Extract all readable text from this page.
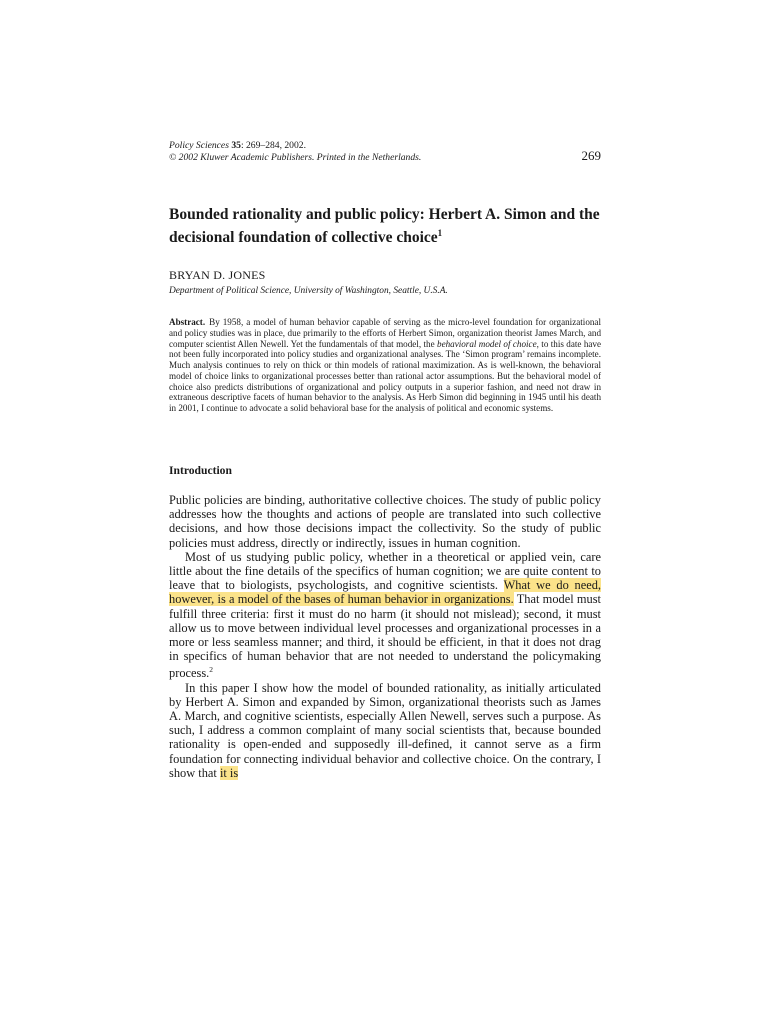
Policy Sciences 35: 269–284, 2002.
© 2002 Kluwer Academic Publishers. Printed in the Netherlands.	269
Bounded rationality and public policy: Herbert A. Simon and the decisional foundation of collective choice$^1$
BRYAN D. JONES
Department of Political Science, University of Washington, Seattle, U.S.A.
Abstract. By 1958, a model of human behavior capable of serving as the micro-level foundation for organizational and policy studies was in place, due primarily to the efforts of Herbert Simon, organization theorist James March, and computer scientist Allen Newell. Yet the fundamentals of that model, the behavioral model of choice, to this date have not been fully incorporated into policy studies and organizational analyses. The ‘Simon program’ remains incomplete. Much analysis continues to rely on thick or thin models of rational maximization. As is well-known, the behavioral model of choice links to organizational processes better than rational actor assumptions. But the behavioral model of choice also predicts distributions of organizational and policy outputs in a superior fashion, and need not draw in extraneous descriptive facets of human behavior to the analysis. As Herb Simon did beginning in 1945 until his death in 2001, I continue to advocate a solid behavioral base for the analysis of political and economic systems.
Introduction

Public policies are binding, authoritative collective choices. The study of public policy addresses how the thoughts and actions of people are translated into such collective decisions, and how those decisions impact the collectivity. So the study of public policies must address, directly or indirectly, issues in human cognition.

Most of us studying public policy, whether in a theoretical or applied vein, care little about the fine details of the specifics of human cognition; we are quite content to leave that to biologists, psychologists, and cognitive scientists. What we do need, however, is a model of the bases of human behavior in organizations. That model must fulfill three criteria: first it must do no harm (it should not mislead); second, it must allow us to move between individual level processes and organizational processes in a more or less seamless manner; and third, it should be efficient, in that it does not drag in specifics of human behavior that are not needed to understand the policymaking process.$^2$

In this paper I show how the model of bounded rationality, as initially articulated by Herbert A. Simon and expanded by Simon, organizational theorists such as James A. March, and cognitive scientists, especially Allen Newell, serves such a purpose. As such, I address a common complaint of many social scientists that, because bounded rationality is open-ended and supposedly ill-defined, it cannot serve as a firm foundation for connecting individual behavior and collective choice. On the contrary, I show that it is
